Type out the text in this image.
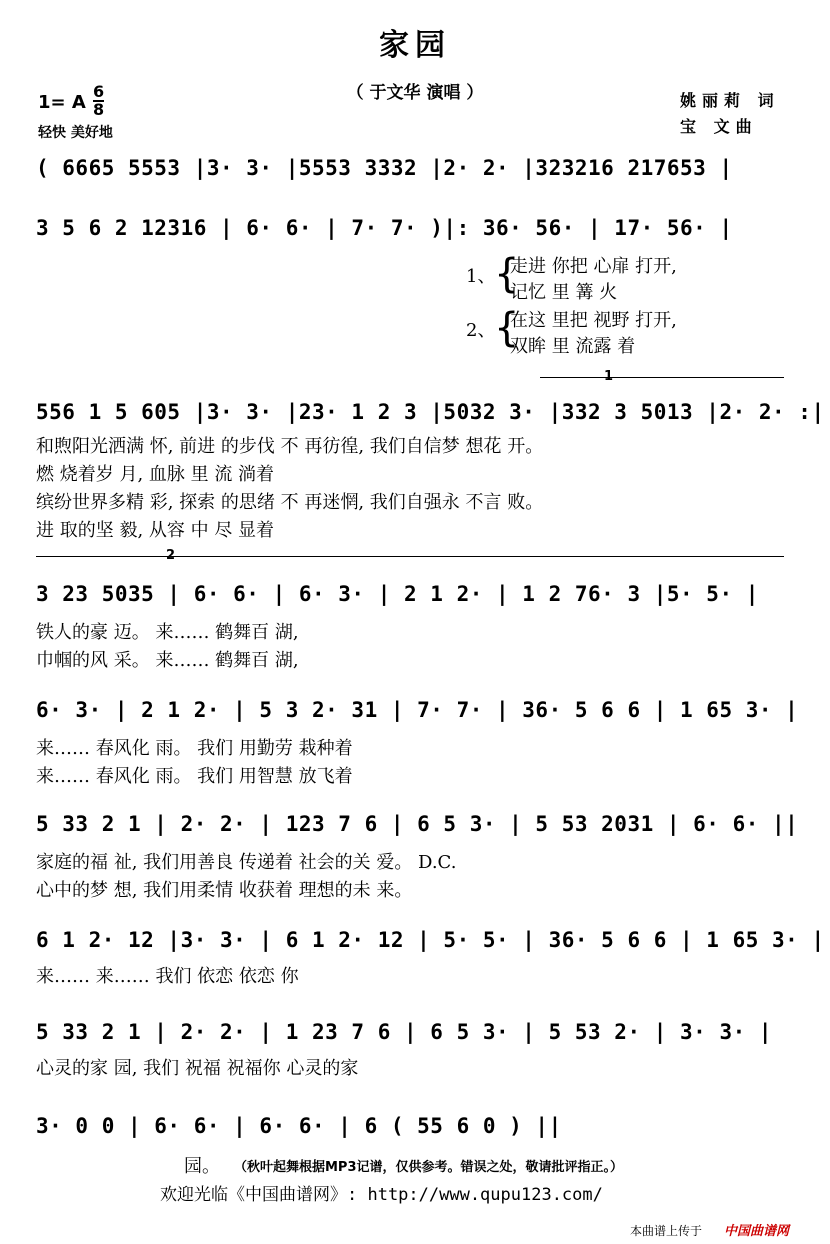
家园
（ 于文华 演唱 ）
1= A $\frac{6}{8}$
轻快 美好地
姚丽莉 词
宝 文曲
( 6665 5553 |3· 3· |5553 3332 |2· 2· |323216 217653 |
3 5 6 2 12316 | 6· 6· | 7· 7· )|: 36· 56· | 17· 56· |
1、
2、
{
{
走进 你把 心扉 打开,
记忆 里 篝 火
在这 里把 视野 打开,
双眸 里 流露 着
1
556 1 5 605 |3· 3· |23· 1 2 3 |5032 3· |332 3 5013 |2· 2· :|
和煦阳光洒满 怀, 前进 的步伐 不 再彷徨, 我们自信梦 想花 开。
燃 烧着岁 月, 血脉 里 流 淌着
缤纷世界多精 彩, 探索 的思绪 不 再迷惘, 我们自强永 不言 败。
进 取的坚 毅, 从容 中 尽 显着
2
3 23 5035 | 6· 6· | 6· 3· | 2 1 2· | 1 2 76· 3 |5· 5· |
铁人的豪 迈。 来…… 鹤舞百 湖,
巾帼的风 采。 来…… 鹤舞百 湖,
6· 3· | 2 1 2· | 5 3 2· 31 | 7· 7· | 36· 5 6 6 | 1 65 3· |
来…… 春风化 雨。 我们 用勤劳 栽种着
来…… 春风化 雨。 我们 用智慧 放飞着
5 33 2 1 | 2· 2· | 123 7 6 | 6 5 3· | 5 53 2031 | 6· 6· ||
家庭的福 祉, 我们用善良 传递着 社会的关 爱。 D.C.
心中的梦 想, 我们用柔情 收获着 理想的未 来。
6 1 2· 12 |3· 3· | 6 1 2· 12 | 5· 5· | 36· 5 6 6 | 1 65 3· |
来…… 来…… 我们 依恋 依恋 你
5 33 2 1 | 2· 2· | 1 23 7 6 | 6 5 3· | 5 53 2· | 3· 3· |
心灵的家 园, 我们 祝福 祝福你 心灵的家
3· 0 0 | 6· 6· | 6· 6· | 6 ( 55 6 0 ) ||
园。 （秋叶起舞根据MP3记谱，仅供参考。错误之处，敬请批评指正。）
欢迎光临《中国曲谱网》: http://www.qupu123.com/
本曲谱上传于 中国曲谱网
